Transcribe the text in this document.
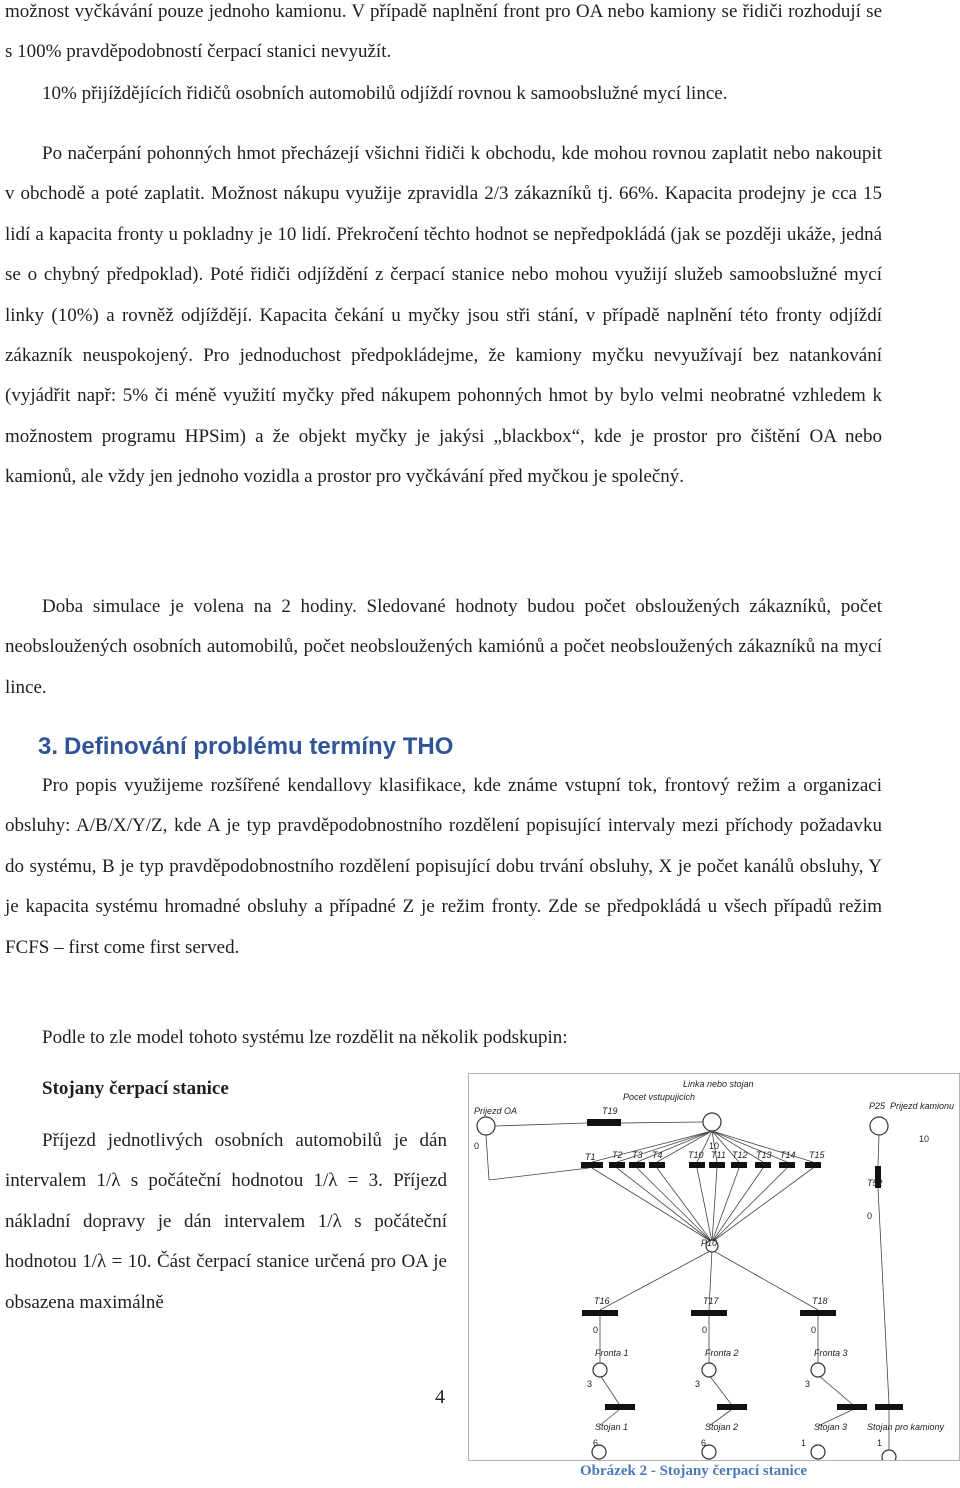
možnost vyčkávání pouze jednoho kamionu. V případě naplnění front pro OA nebo kamiony se řidiči rozhodují se s 100% pravděpodobností čerpací stanici nevyužít.

10% přijíždějících řidičů osobních automobilů odjíždí rovnou k samoobslužné mycí lince.

Po načerpání pohonných hmot přecházejí všichni řidiči k obchodu, kde mohou rovnou zaplatit nebo nakoupit v obchodě a poté zaplatit. Možnost nákupu využije zpravidla 2/3 zákazníků tj. 66%. Kapacita prodejny je cca 15 lidí a kapacita fronty u pokladny je 10 lidí. Překročení těchto hodnot se nepředpokládá (jak se později ukáže, jedná se o chybný předpoklad). Poté řidiči odjíždění z čerpací stanice nebo mohou využijí služeb samoobslužné mycí linky (10%) a rovněž odjíždějí. Kapacita čekání u myčky jsou stři stání, v případě naplnění této fronty odjíždí zákazník neuspokojený. Pro jednoduchost předpokládejme, že kamiony myčku nevyužívají bez natankování (vyjádřit např: 5% či méně využití myčky před nákupem pohonných hmot by bylo velmi neobratné vzhledem k možnostem programu HPSim) a že objekt myčky je jakýsi „blackbox“, kde je prostor pro čištění OA nebo kamionů, ale vždy jen jednoho vozidla a prostor pro vyčkávání před myčkou je společný.

Doba simulace je volena na 2 hodiny. Sledované hodnoty budou počet obsloužených zákazníků, počet neobsloužených osobních automobilů, počet neobsloužených kamiónů a počet neobsloužených zákazníků na mycí lince.

3. Definování problému termíny THO

Pro popis využijeme rozšířené kendallovy klasifikace, kde známe vstupní tok, frontový režim a organizaci obsluhy: A/B/X/Y/Z, kde A je typ pravděpodobnostního rozdělení popisující intervaly mezi příchody požadavku do systému, B je typ pravděpodobnostního rozdělení popisující dobu trvání obsluhy, X je počet kanálů obsluhy, Y je kapacita systému hromadné obsluhy a případné Z je režim fronty. Zde se předpokládá u všech případů režim FCFS – first come first served.

Podle to zle model tohoto systému lze rozdělit na několik podskupin:

Stojany čerpací stanice

Příjezd jednotlivých osobních automobilů je dán intervalem 1/λ s počáteční hodnotou 1/λ = 3. Příjezd nákladní dopravy je dán intervalem 1/λ s počáteční hodnotou 1/λ = 10. Část čerpací stanice určená pro OA je obsazena maximálně

4
Linka nebo stojan
Pocet vstupujicich
Prijezd OA
0	10
P25 Prijezd kamionu
10
T19
T1 T2 T3 T4	T10 T11 T12 T13 T14 T15
T52
0
P10
T16	T17	T18
0	0	0
Fronta 1	Fronta 2	Fronta 3
3	3	3
Stojan 1	Stojan 2	Stojan 3 Stojan pro kamiony
6	6	1	1
Obrázek 2 - Stojany čerpací stanice
